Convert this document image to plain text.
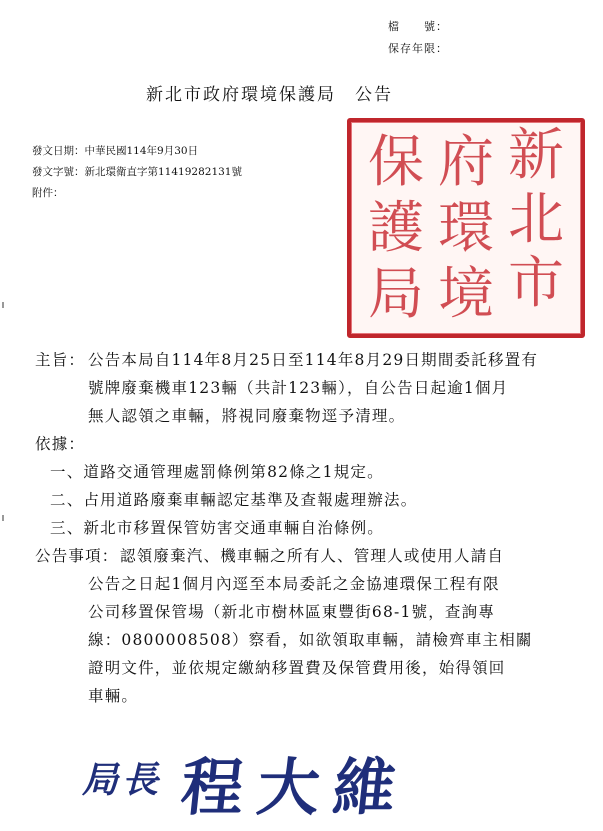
檔　　號：
保存年限：
新北市政府環境保護局　公告
發文日期：中華民國114年9月30日
發文字號：新北環衛直字第11419282131號
附件：
新
北
市
府
環
境
保
護
局
主旨： 公告本局自114年8月25日至114年8月29日期間委託移置有
號牌廢棄機車123輛（共計123輛），自公告日起逾1個月
無人認領之車輛，將視同廢棄物逕予清理。
依據：
一、道路交通管理處罰條例第82條之1規定。
二、占用道路廢棄車輛認定基準及查報處理辦法。
三、新北市移置保管妨害交通車輛自治條例。
公告事項： 認領廢棄汽、機車輛之所有人、管理人或使用人請自
公告之日起1個月內逕至本局委託之金協連環保工程有限
公司移置保管場（新北市樹林區東豐街68-1號，查詢專
線：0800008508）察看，如欲領取車輛，請檢齊車主相關
證明文件，並依規定繳納移置費及保管費用後，始得領回
車輛。
局長 程大維
